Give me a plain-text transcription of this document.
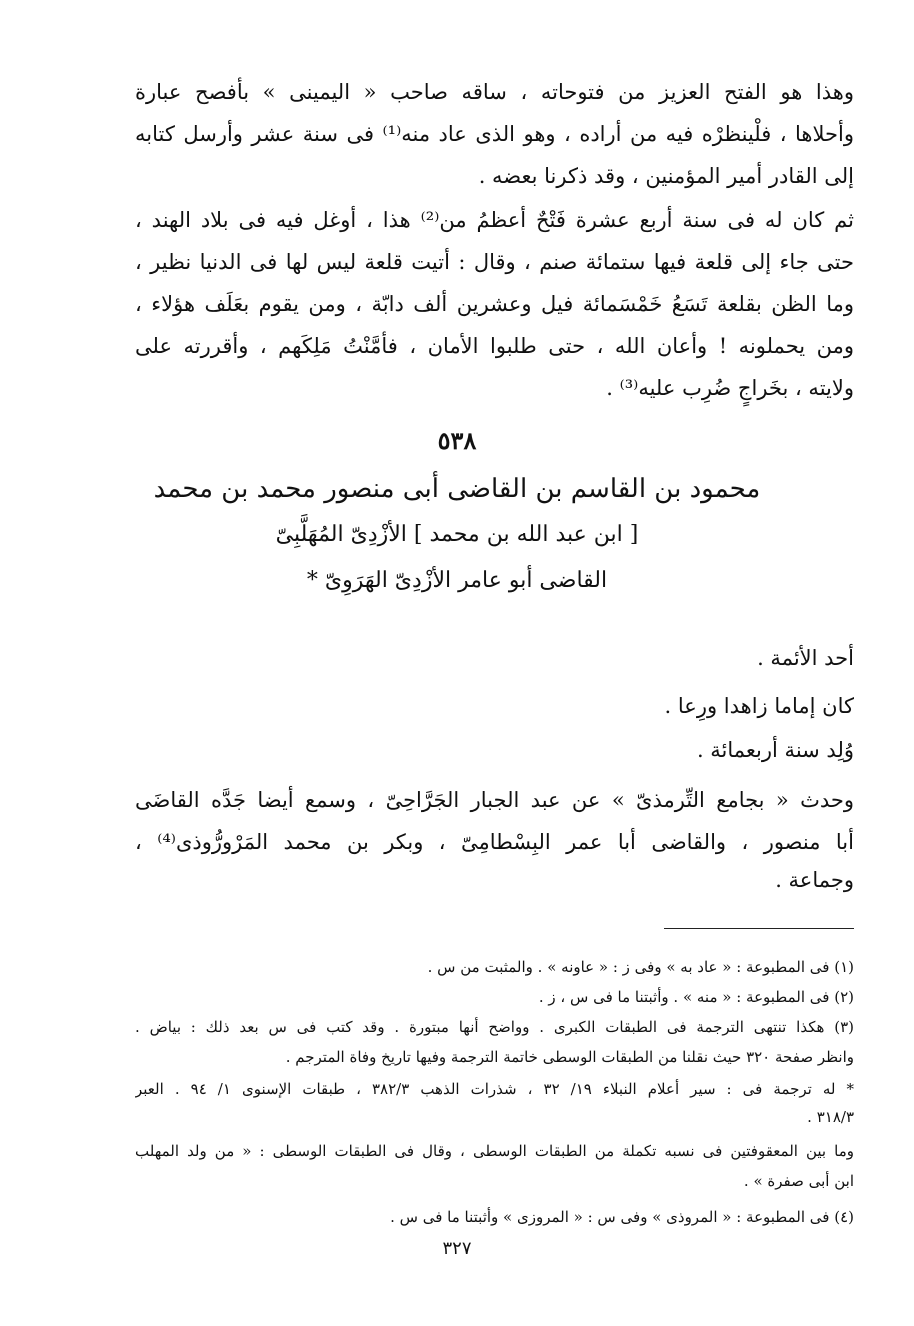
وهذا هو الفتح العزيز من فتوحاته ، ساقه صاحب « اليمينى » بأفصح عبارة
وأحلاها ، فلْينظرْه فيه من أراده ، وهو الذى عاد منه⁽¹⁾ فى سنة عشر وأرسل كتابه
إلى القادر أمير المؤمنين ، وقد ذكرنا بعضه .
ثم كان له فى سنة أربع عشرة فَتْحٌ أعظمُ من⁽²⁾ هذا ، أوغل فيه فى بلاد الهند ،
حتى جاء إلى قلعة فيها ستمائة صنم ، وقال : أتيت قلعة ليس لها فى الدنيا نظير ،
وما الظن بقلعة تَسَعُ خَمْسَمائة فيل وعشرين ألف دابّة ، ومن يقوم بعَلَف هؤلاء ،
ومن يحملونه ! وأعان الله ، حتى طلبوا الأمان ، فأمَّنْتُ مَلِكَهم ، وأقررته على
ولايته ، بخَراجٍ ضُرِب عليه⁽³⁾ .
٥٣٨
محمود بن القاسم بن القاضى أبى منصور محمد بن محمد
[ ابن عبد الله بن محمد ] الأزْدِىّ المُهَلَّبِىّ
القاضى أبو عامر الأزْدِىّ الهَرَوِىّ *
أحد الأئمة .
كان إماما زاهدا ورِعا .
وُلِد سنة أربعمائة .
وحدث « بجامع التِّرمذىّ » عن عبد الجبار الجَرَّاحِىّ ، وسمع أيضا جَدَّه القاضَى
أبا منصور ، والقاضى أبا عمر البِسْطامِىّ ، وبكر بن محمد المَرْورُّوذى⁽⁴⁾ ،
وجماعة .
(١) فى المطبوعة : « عاد به » وفى ز : « عاونه » . والمثبت من س .
(٢) فى المطبوعة : « منه » . وأثبتنا ما فى س ، ز .
(٣) هكذا تنتهى الترجمة فى الطبقات الكبرى . وواضح أنها مبتورة . وقد كتب فى س بعد ذلك : بياض .
وانظر صفحة ٣٢٠ حيث نقلنا من الطبقات الوسطى خاتمة الترجمة وفيها تاريخ وفاة المترجم .
* له ترجمة فى : سير أعلام النبلاء ١٩/ ٣٢ ، شذرات الذهب ٣٨٢/٣ ، طبقات الإسنوى ١/ ٩٤ . العبر
٣١٨/٣ .
وما بين المعقوفتين فى نسبه تكملة من الطبقات الوسطى ، وقال فى الطبقات الوسطى : « من ولد المهلب
ابن أبى صفرة » .
(٤) فى المطبوعة : « المروذى » وفى س : « المروزى » وأثبتنا ما فى س .
٣٢٧
